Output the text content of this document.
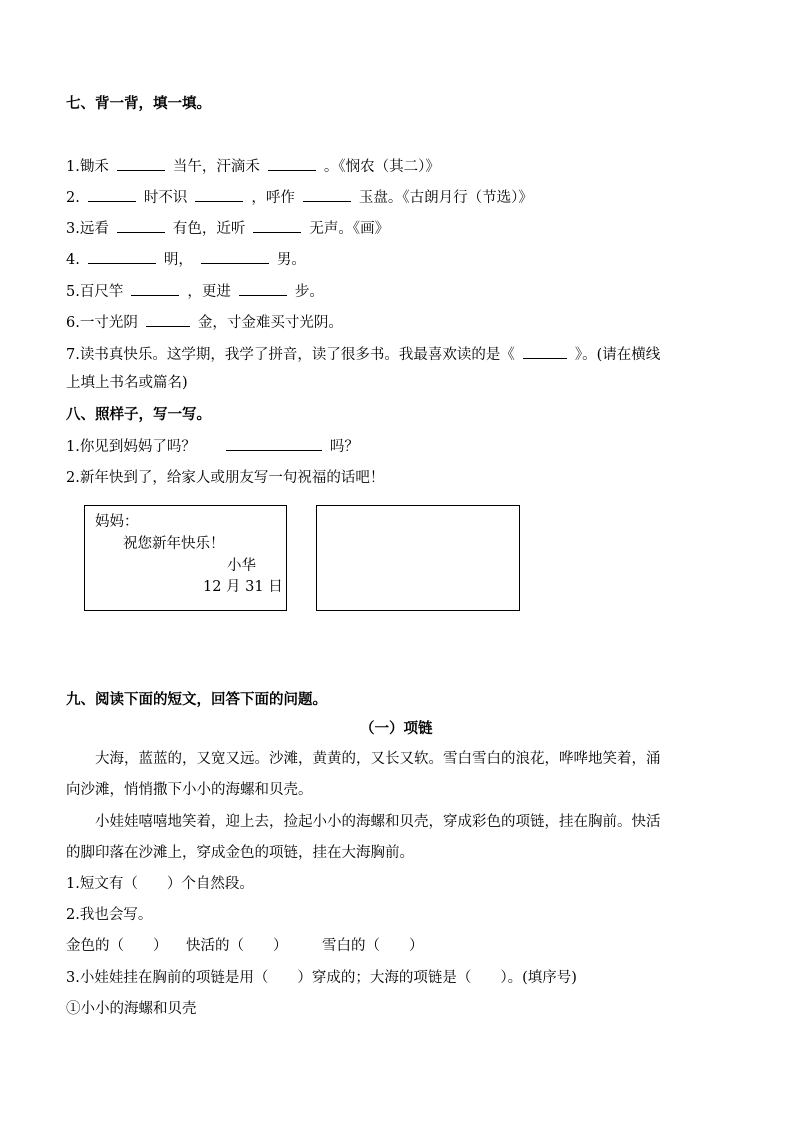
七、背一背，填一填。
1.锄禾	当午，汗滴禾	。《悯农（其二）》
2.	时不识	，呼作	玉盘。《古朗月行（节选）》
3.远看	有色，近听	无声。《画》
4.	明，	男。
5.百尺竿	，更进	步。
6.一寸光阴	金，寸金难买寸光阴。
7.读书真快乐。这学期，我学了拼音，读了很多书。我最喜欢读的是《	》。(请在横线
上填上书名或篇名)
八、照样子，写一写。
1.你见到妈妈了吗？	吗？
2.新年快到了，给家人或朋友写一句祝福的话吧！
妈妈：
祝您新年快乐！
小华
12 月 31 日
九、阅读下面的短文，回答下面的问题。
（一）项链
大海，蓝蓝的，又宽又远。沙滩，黄黄的，又长又软。雪白雪白的浪花，哗哗地笑着，涌
向沙滩，悄悄撒下小小的海螺和贝壳。
小娃娃嘻嘻地笑着，迎上去，捡起小小的海螺和贝壳，穿成彩色的项链，挂在胸前。快活
的脚印落在沙滩上，穿成金色的项链，挂在大海胸前。
1.短文有（　　）个自然段。
2.我也会写。
金色的（　　） 快活的（　　） 雪白的（　　）
3.小娃娃挂在胸前的项链是用（　　）穿成的；大海的项链是（　　）。(填序号)
①小小的海螺和贝壳
